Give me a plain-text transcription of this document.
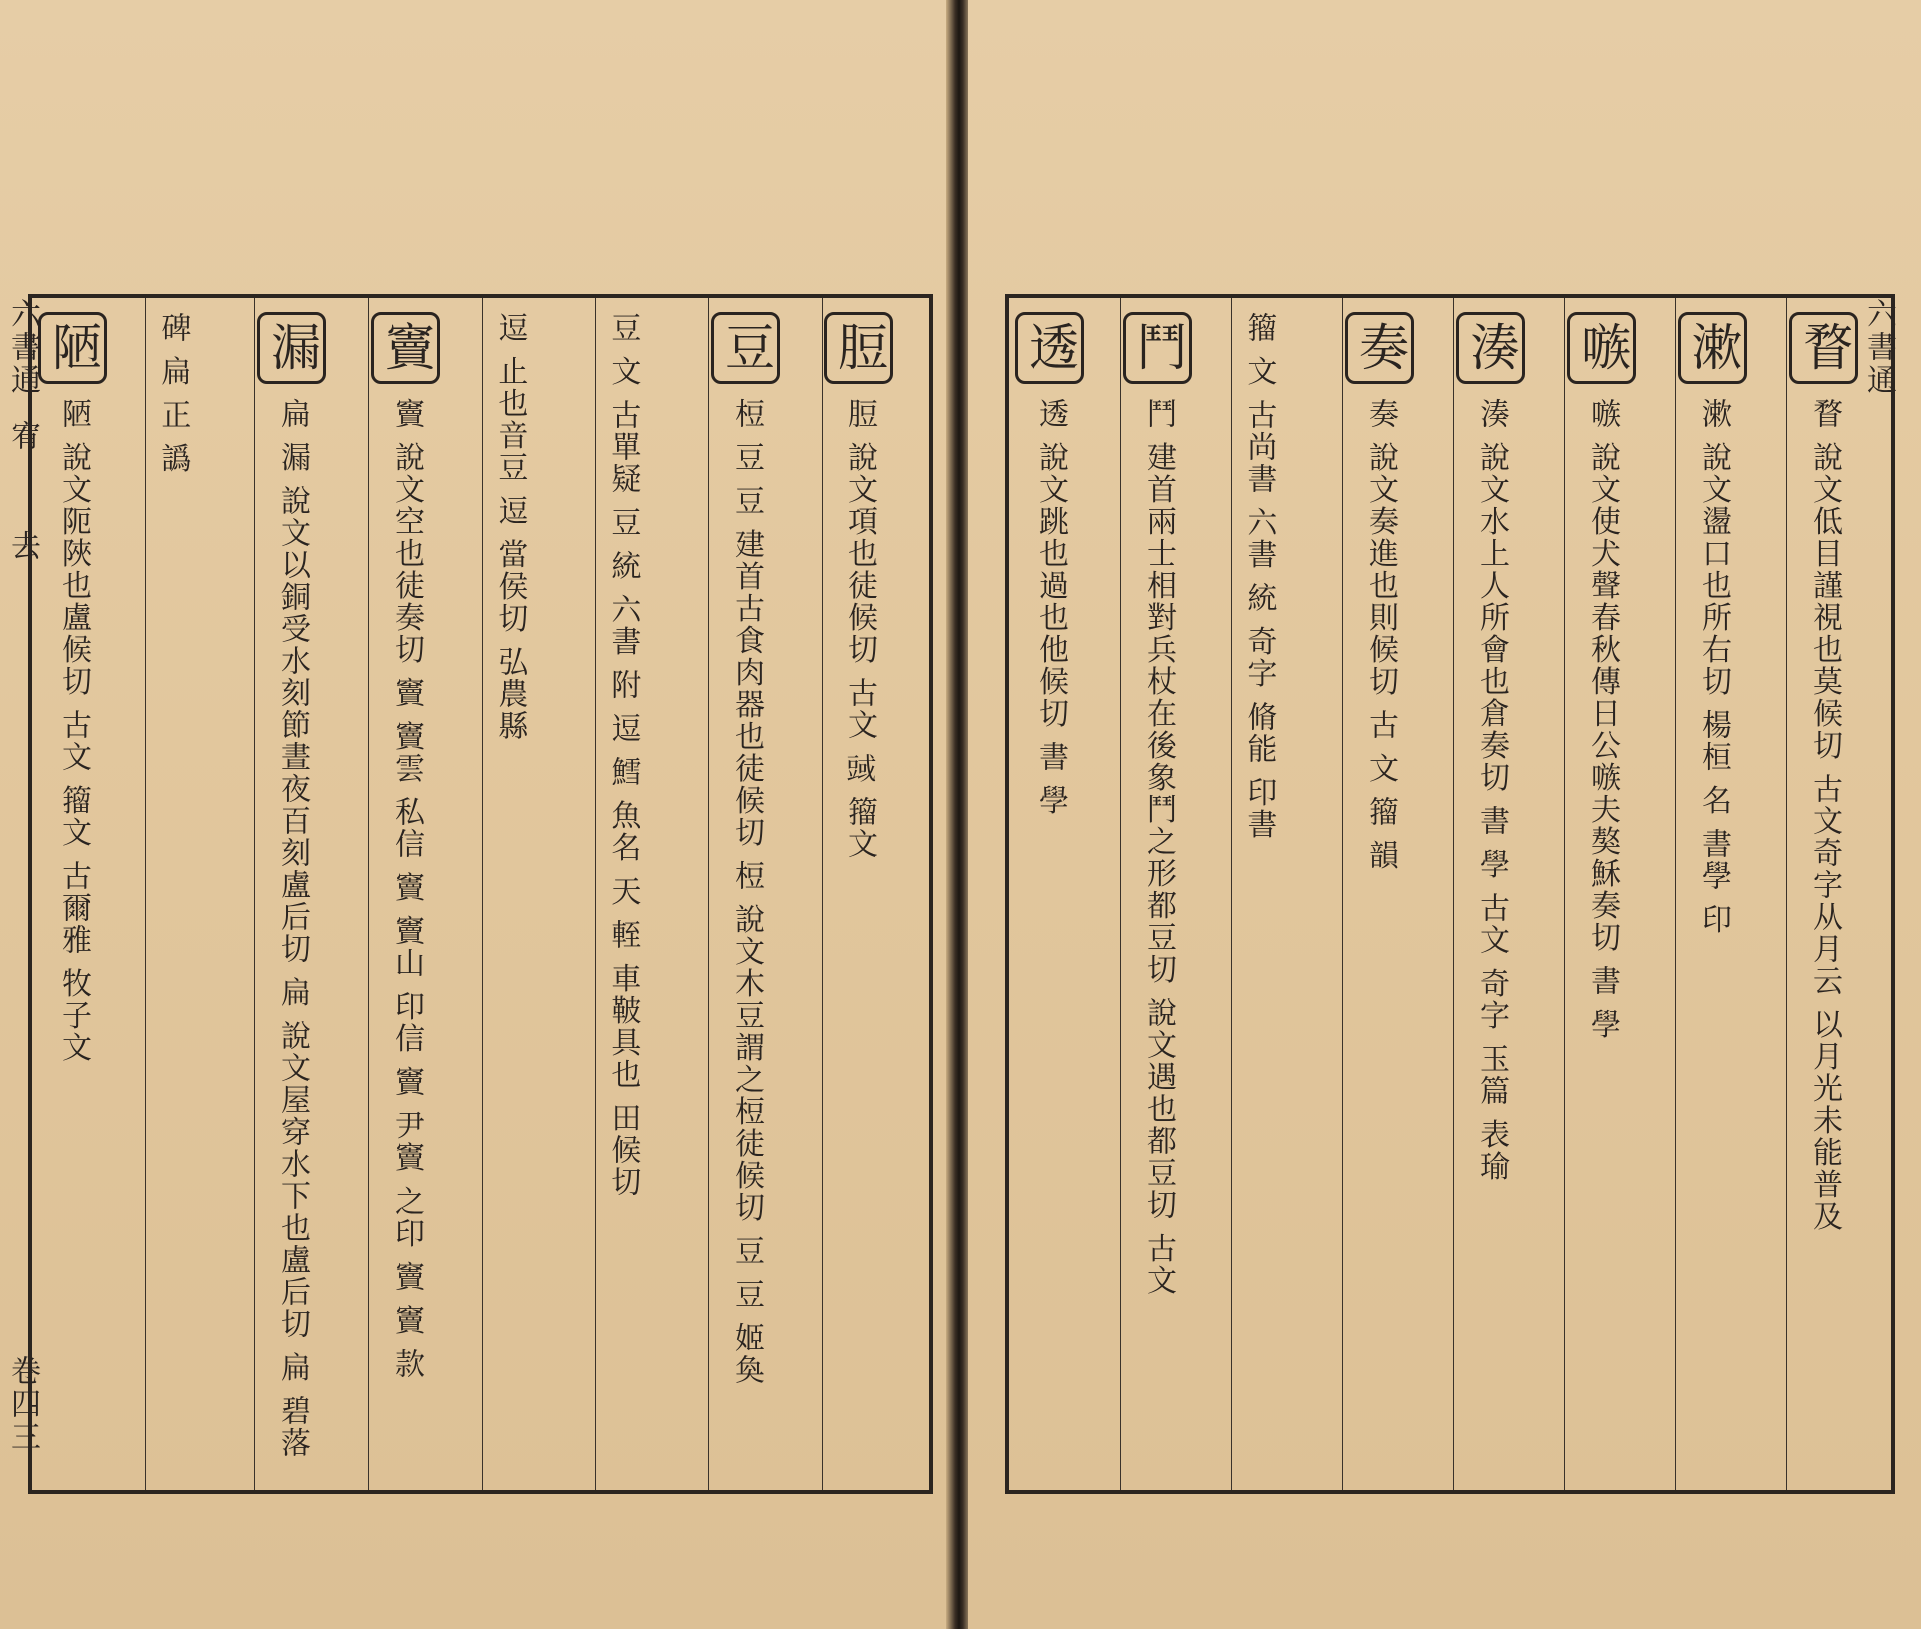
脰脰 說文項也徒候切 古文 𧯱 籀文
豆梪 豆 豆 建首古食肉器也徒候切 梪 說文木豆謂之梪徒候切 豆 豆 姬奐
豆 文 古單疑 豆 統 六書 附 逗 鱈 魚名 天 輊 車鞁具也 田候切
逗 止也音豆 逗 當侯切 弘農縣
竇竇 說文空也徒奏切 竇 竇雲 私信 竇 竇山 印信 竇 尹竇 之印 竇 竇 款
漏扁 漏 說文以銅受水刻節晝夜百刻盧后切 扁 說文屋穿水下也盧后切 扁 碧落
碑 扁 正 譌
陋陋 說文阨陜也盧候切 古文 籀文 古爾雅 牧子文
六書通
宥
去
卷四三
六書通
瞀瞀 說文低目謹視也莫候切 古文奇字从月云 以月光未能普及
漱漱 說文盪口也所右切 楊桓 名 書學 印
嗾嗾 說文使犬聲春秋傳日公嗾夫獒穌奏切 書 學
湊湊 說文水上人所會也倉奏切 書 學 古文 奇字 玉篇 表瑜
奏奏 說文奏進也則候切 古 文 籀 韻
籀 文 古尚書 六書 統 奇字 脩能 印書
鬥鬥 建首兩士相對兵杖在後象鬥之形都豆切 說文遇也都豆切 古文
透透 說文跳也過也他候切 書 學
